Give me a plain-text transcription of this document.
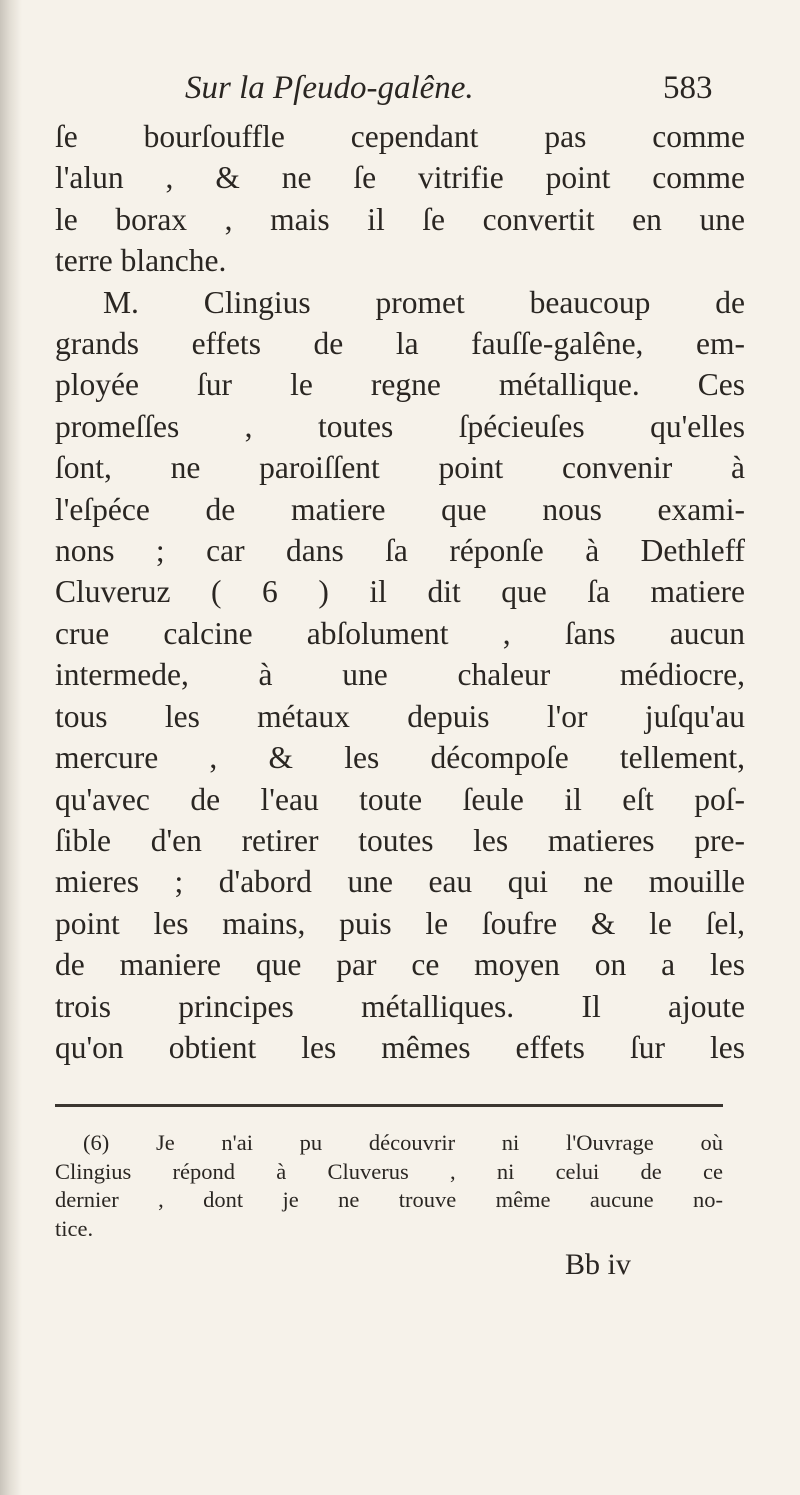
Sur la Pſeudo-galêne.	583

ſe bourſouffle cependant pas comme

l'alun , & ne ſe vitrifie point comme

le borax , mais il ſe convertit en une

terre blanche.

M. Clingius promet beaucoup de

grands effets de la fauſſe-galêne, em-

ployée ſur le regne métallique. Ces

promeſſes , toutes ſpécieuſes qu'elles

ſont, ne paroiſſent point convenir à

l'eſpéce de matiere que nous exami-

nons ; car dans ſa réponſe à Dethleff

Cluveruz ( 6 ) il dit que ſa matiere

crue calcine abſolument , ſans aucun

intermede, à une chaleur médiocre,

tous les métaux depuis l'or juſqu'au

mercure , & les décompoſe tellement,

qu'avec de l'eau toute ſeule il eſt poſ-

ſible d'en retirer toutes les matieres pre-

mieres ; d'abord une eau qui ne mouille

point les mains, puis le ſoufre & le ſel,

de maniere que par ce moyen on a les

trois principes métalliques. Il ajoute

qu'on obtient les mêmes effets ſur les

(6) Je n'ai pu découvrir ni l'Ouvrage où

Clingius répond à Cluverus , ni celui de ce

dernier , dont je ne trouve même aucune no-

tice.

Bb iv
